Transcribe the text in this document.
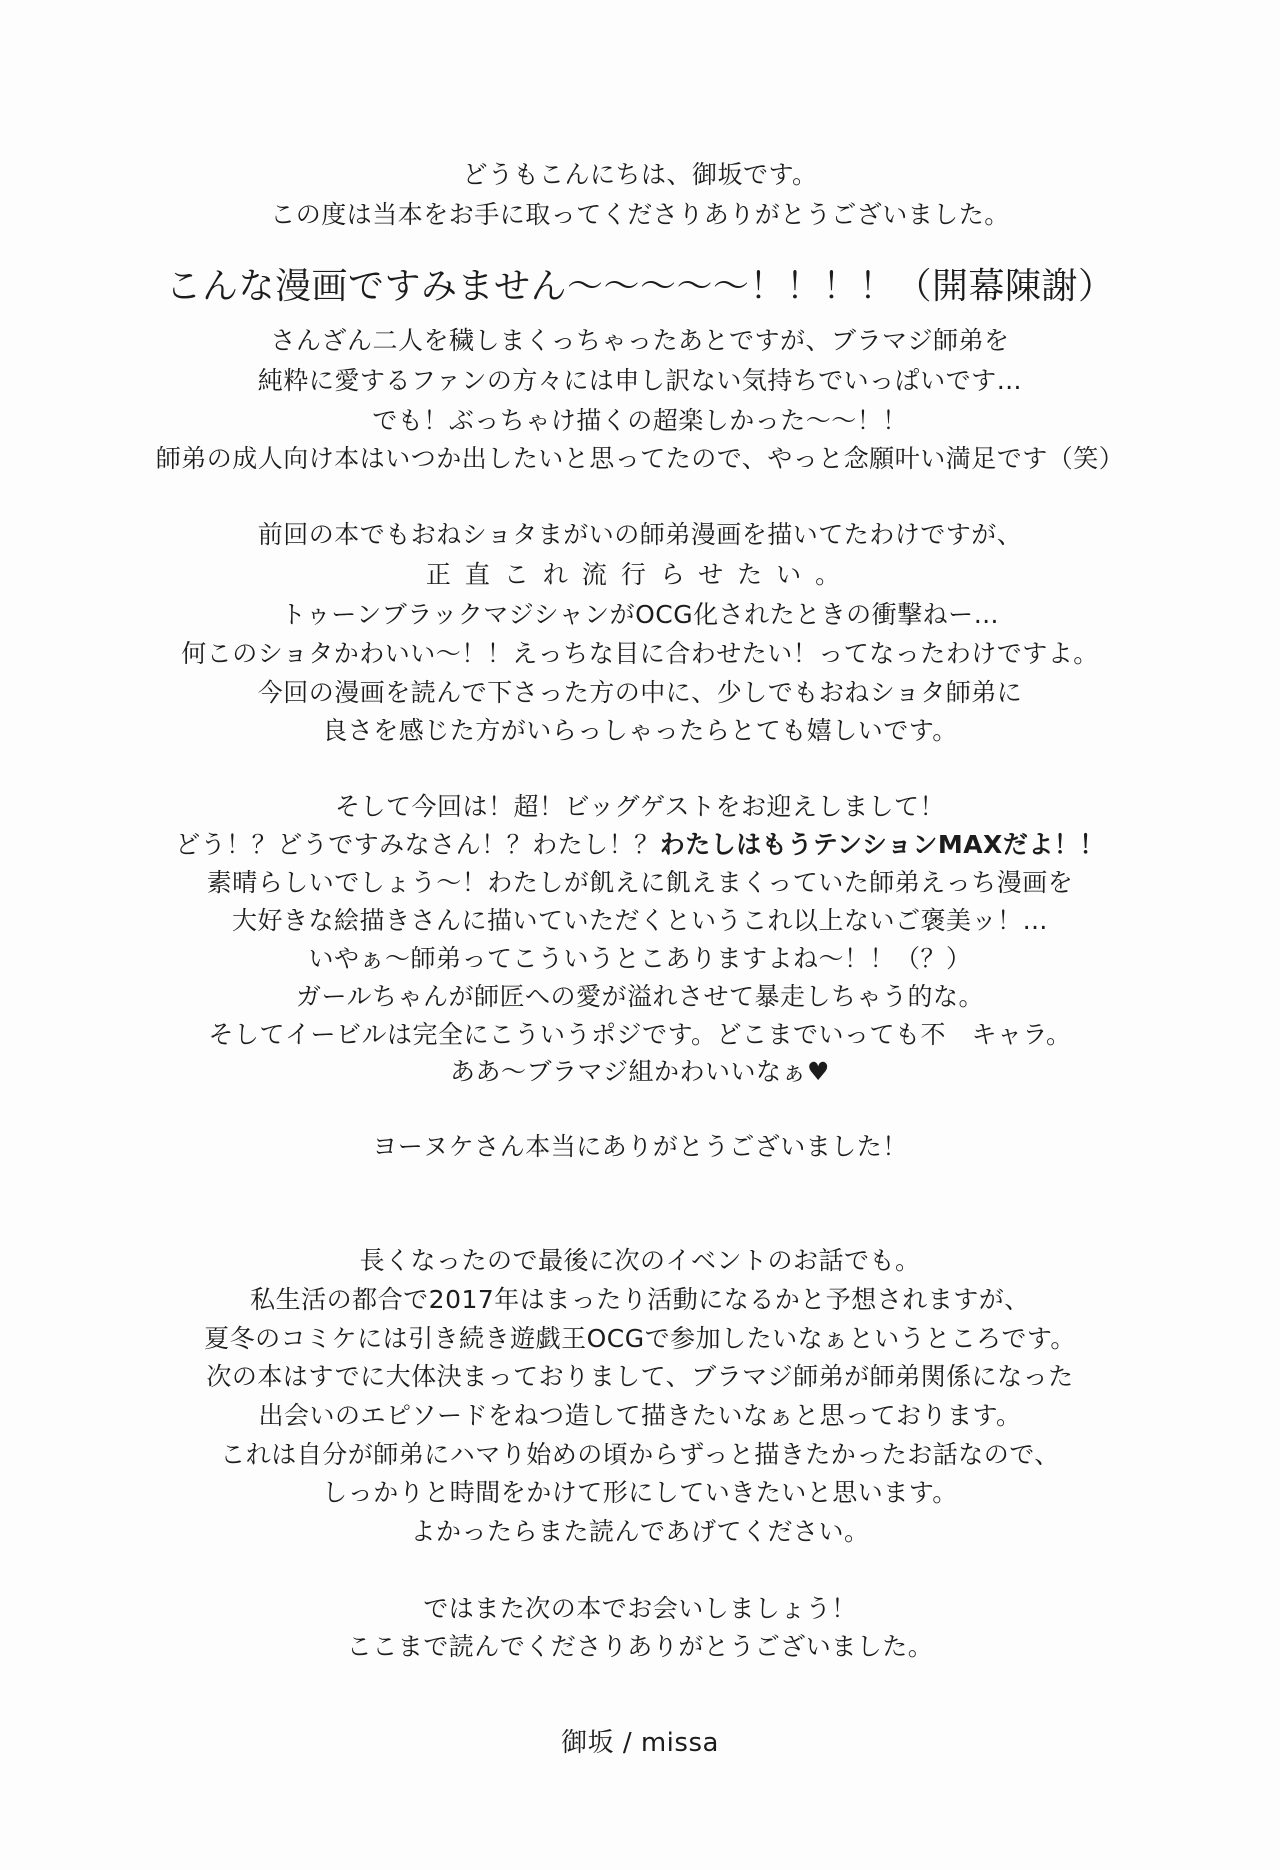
どうもこんにちは、御坂です。
この度は当本をお手に取ってくださりありがとうございました。
こんな漫画ですみません～～～～～！！！！（開幕陳謝）
さんざん二人を穢しまくっちゃったあとですが、ブラマジ師弟を
純粋に愛するファンの方々には申し訳ない気持ちでいっぱいです…
でも！ぶっちゃけ描くの超楽しかった～～！！
師弟の成人向け本はいつか出したいと思ってたので、やっと念願叶い満足です（笑）
前回の本でもおねショタまがいの師弟漫画を描いてたわけですが、
正直これ流行らせたい。
トゥーンブラックマジシャンがOCG化されたときの衝撃ねー…
何このショタかわいい～！！えっちな目に合わせたい！ってなったわけですよ。
今回の漫画を読んで下さった方の中に、少しでもおねショタ師弟に
良さを感じた方がいらっしゃったらとても嬉しいです。
そして今回は！超！ビッグゲストをお迎えしまして！
どう！？どうですみなさん！？わたし！？わたしはもうテンションMAXだよ！！
素晴らしいでしょう～！わたしが飢えに飢えまくっていた師弟えっち漫画を
大好きな絵描きさんに描いていただくというこれ以上ないご褒美ッ！…
いやぁ～師弟ってこういうとこありますよね～！！（？）
ガールちゃんが師匠への愛が溢れさせて暴走しちゃう的な。
そしてイービルは完全にこういうポジです。どこまでいっても不　キャラ。
ああ～ブラマジ組かわいいなぁ♥
ヨーヌケさん本当にありがとうございました！
長くなったので最後に次のイベントのお話でも。
私生活の都合で2017年はまったり活動になるかと予想されますが、
夏冬のコミケには引き続き遊戯王OCGで参加したいなぁというところです。
次の本はすでに大体決まっておりまして、ブラマジ師弟が師弟関係になった
出会いのエピソードをねつ造して描きたいなぁと思っております。
これは自分が師弟にハマり始めの頃からずっと描きたかったお話なので、
しっかりと時間をかけて形にしていきたいと思います。
よかったらまた読んであげてください。
ではまた次の本でお会いしましょう！
ここまで読んでくださりありがとうございました。
御坂 / missa
